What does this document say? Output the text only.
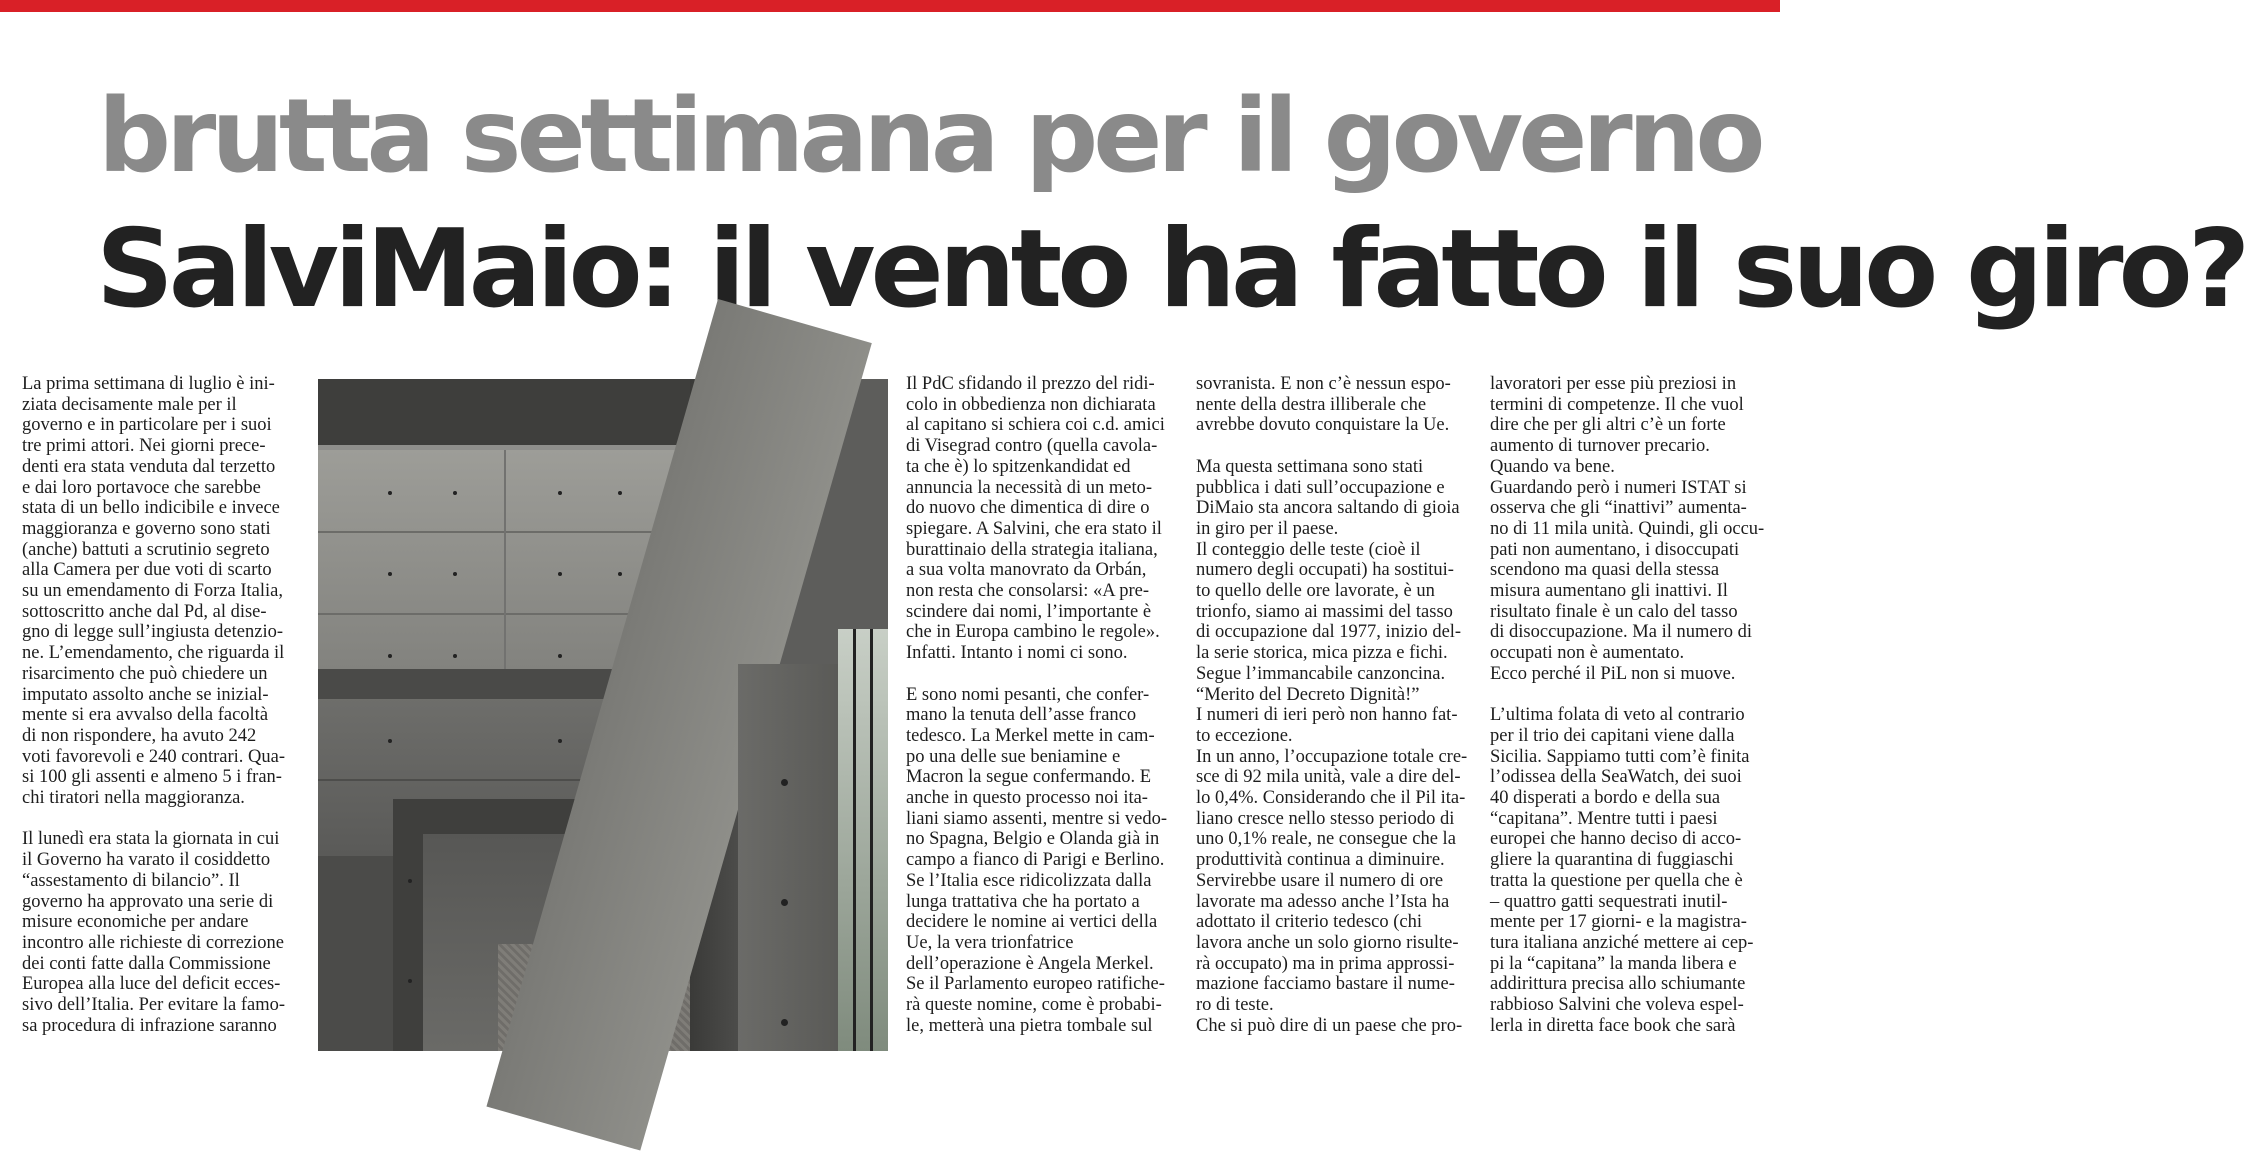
brutta settimana per il governo
SalviMaio: il vento ha fatto il suo giro?

La prima settimana di luglio è ini-
ziata decisamente male per il
governo e in particolare per i suoi
tre primi attori. Nei giorni prece-
denti era stata venduta dal terzetto
e dai loro portavoce che sarebbe
stata di un bello indicibile e invece
maggioranza e governo sono stati
(anche) battuti a scrutinio segreto
alla Camera per due voti di scarto
su un emendamento di Forza Italia,
sottoscritto anche dal Pd, al dise-
gno di legge sull’ingiusta detenzio-
ne. L’emendamento, che riguarda il
risarcimento che può chiedere un
imputato assolto anche se inizial-
mente si era avvalso della facoltà
di non rispondere, ha avuto 242
voti favorevoli e 240 contrari. Qua-
si 100 gli assenti e almeno 5 i fran-
chi tiratori nella maggioranza.

Il lunedì era stata la giornata in cui
il Governo ha varato il cosiddetto
“assestamento di bilancio”. Il
governo ha approvato una serie di
misure economiche per andare
incontro alle richieste di correzione
dei conti fatte dalla Commissione
Europea alla luce del deficit ecces-
sivo dell’Italia. Per evitare la famo-
sa procedura di infrazione saranno

Il PdC sfidando il prezzo del ridi-
colo in obbedienza non dichiarata
al capitano si schiera coi c.d. amici
di Visegrad contro (quella cavola-
ta che è) lo spitzenkandidat ed
annuncia la necessità di un meto-
do nuovo che dimentica di dire o
spiegare. A Salvini, che era stato il
burattinaio della strategia italiana,
a sua volta manovrato da Orbán,
non resta che consolarsi: «A pre-
scindere dai nomi, l’importante è
che in Europa cambino le regole».
Infatti. Intanto i nomi ci sono.

E sono nomi pesanti, che confer-
mano la tenuta dell’asse franco
tedesco. La Merkel mette in cam-
po una delle sue beniamine e
Macron la segue confermando. E
anche in questo processo noi ita-
liani siamo assenti, mentre si vedo-
no Spagna, Belgio e Olanda già in
campo a fianco di Parigi e Berlino.
Se l’Italia esce ridicolizzata dalla
lunga trattativa che ha portato a
decidere le nomine ai vertici della
Ue, la vera trionfatrice
dell’operazione è Angela Merkel.
Se il Parlamento europeo ratifiche-
rà queste nomine, come è probabi-
le, metterà una pietra tombale sul

sovranista. E non c’è nessun espo-
nente della destra illiberale che
avrebbe dovuto conquistare la Ue.

Ma questa settimana sono stati
pubblica i dati sull’occupazione e
DiMaio sta ancora saltando di gioia
in giro per il paese.
Il conteggio delle teste (cioè il
numero degli occupati) ha sostitui-
to quello delle ore lavorate, è un
trionfo, siamo ai massimi del tasso
di occupazione dal 1977, inizio del-
la serie storica, mica pizza e fichi.
Segue l’immancabile canzoncina.
“Merito del Decreto Dignità!”
I numeri di ieri però non hanno fat-
to eccezione.
In un anno, l’occupazione totale cre-
sce di 92 mila unità, vale a dire del-
lo 0,4%. Considerando che il Pil ita-
liano cresce nello stesso periodo di
uno 0,1% reale, ne consegue che la
produttività continua a diminuire.
Servirebbe usare il numero di ore
lavorate ma adesso anche l’Ista ha
adottato il criterio tedesco (chi
lavora anche un solo giorno risulte-
rà occupato) ma in prima approssi-
mazione facciamo bastare il nume-
ro di teste.
Che si può dire di un paese che pro-

lavoratori per esse più preziosi in
termini di competenze. Il che vuol
dire che per gli altri c’è un forte
aumento di turnover precario.
Quando va bene.
Guardando però i numeri ISTAT si
osserva che gli “inattivi” aumenta-
no di 11 mila unità. Quindi, gli occu-
pati non aumentano, i disoccupati
scendono ma quasi della stessa
misura aumentano gli inattivi. Il
risultato finale è un calo del tasso
di disoccupazione. Ma il numero di
occupati non è aumentato.
Ecco perché il PiL non si muove.

L’ultima folata di veto al contrario
per il trio dei capitani viene dalla
Sicilia. Sappiamo tutti com’è finita
l’odissea della SeaWatch, dei suoi
40 disperati a bordo e della sua
“capitana”. Mentre tutti i paesi
europei che hanno deciso di acco-
gliere la quarantina di fuggiaschi
tratta la questione per quella che è
– quattro gatti sequestrati inutil-
mente per 17 giorni- e la magistra-
tura italiana anziché mettere ai cep-
pi la “capitana” la manda libera e
addirittura precisa allo schiumante
rabbioso Salvini che voleva espel-
lerla in diretta face book che sarà
